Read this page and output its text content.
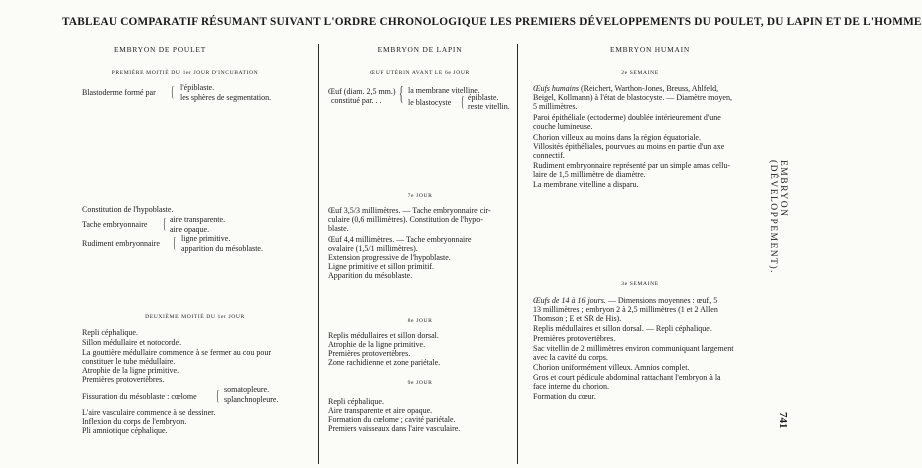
TABLEAU COMPARATIF RÉSUMANT SUIVANT L'ORDRE CHRONOLOGIQUE LES PREMIERS DÉVELOPPEMENTS DU POULET, DU LAPIN ET DE L'HOMME
EMBRYON DE POULET
PREMIÈRE MOITIÉ DU 1er JOUR D'INCUBATION
Blastoderme formé par { l'épiblaste.
les sphères de segmentation.
Constitution de l'hypoblaste.
Tache embryonnaire { aire transparente.
aire opaque.
Rudiment embryonnaire { ligne primitive.
apparition du mésoblaste.
DEUXIÈME MOITIÉ DU 1er JOUR
Repli céphalique.
Sillon médullaire et notocorde.
La gouttière médullaire commence à se fermer au cou pour
constituer le tube médullaire.
Atrophie de la ligne primitive.
Premières protovertèbres.
Fissuration du mésoblaste : cœlome { somatopleure.
splanchnopleure.
L'aire vasculaire commence à se dessiner.
Inflexion du corps de l'embryon.
Pli amniotique céphalique.
EMBRYON DE LAPIN
ŒUF UTÉRIN AVANT LE 6e JOUR
Œuf (diam. 2,5 mm.)
constitué par. . . { la membrane vitelline.
le blastocyste { épiblaste.
reste vitellin.
7e JOUR
Œuf 3,5/3 millimètres. — Tache embryonnaire cir-
culaire (0,6 millimètres). Constitution de l'hypo-
blaste.
Œuf 4,4 millimètres. — Tache embryonnaire
ovalaire (1,5/1 millimètres).
Extension progressive de l'hypoblaste.
Ligne primitive et sillon primitif.
Apparition du mésoblaste.
8e JOUR
Replis médullaires et sillon dorsal.
Atrophie de la ligne primitive.
Premières protovertèbres.
Zone rachidienne et zone pariétale.
9e JOUR
Repli céphalique.
Aire transparente et aire opaque.
Formation du cœlome ; cavité pariétale.
Premiers vaisseaux dans l'aire vasculaire.
EMBRYON HUMAIN
2e SEMAINE
Œufs humains (Reichert, Warthon-Jones, Breuss, Ahlfeld,
Beigel, Kollmann) à l'état de blastocyste. — Diamètre moyen,
5 millimètres.
Paroi épithéliale (ectoderme) doublée intérieurement d'une
couche lumineuse.
Chorion villeux au moins dans la région équatoriale.
Villosités épithéliales, pourvues au moins en partie d'un axe
connectif.
Rudiment embryonnaire représenté par un simple amas cellu-
laire de 1,5 millimètre de diamètre.
La membrane vitelline a disparu.
3e SEMAINE
Œufs de 14 à 16 jours. — Dimensions moyennes : œuf, 5
13 millimètres ; embryon 2 à 2,5 millimètres (1 et 2 Allen
Thomson ; E et SR de His).
Replis médullaires et sillon dorsal. — Repli céphalique.
Premières protovertèbres.
Sac vitellin de 2 millimètres environ communiquant largement
avec la cavité du corps.
Chorion uniformément villeux. Amnios complet.
Gros et court pédicule abdominal rattachant l'embryon à la
face interne du chorion.
Formation du cœur.
EMBRYON (DÉVELOPPEMENT).
741
